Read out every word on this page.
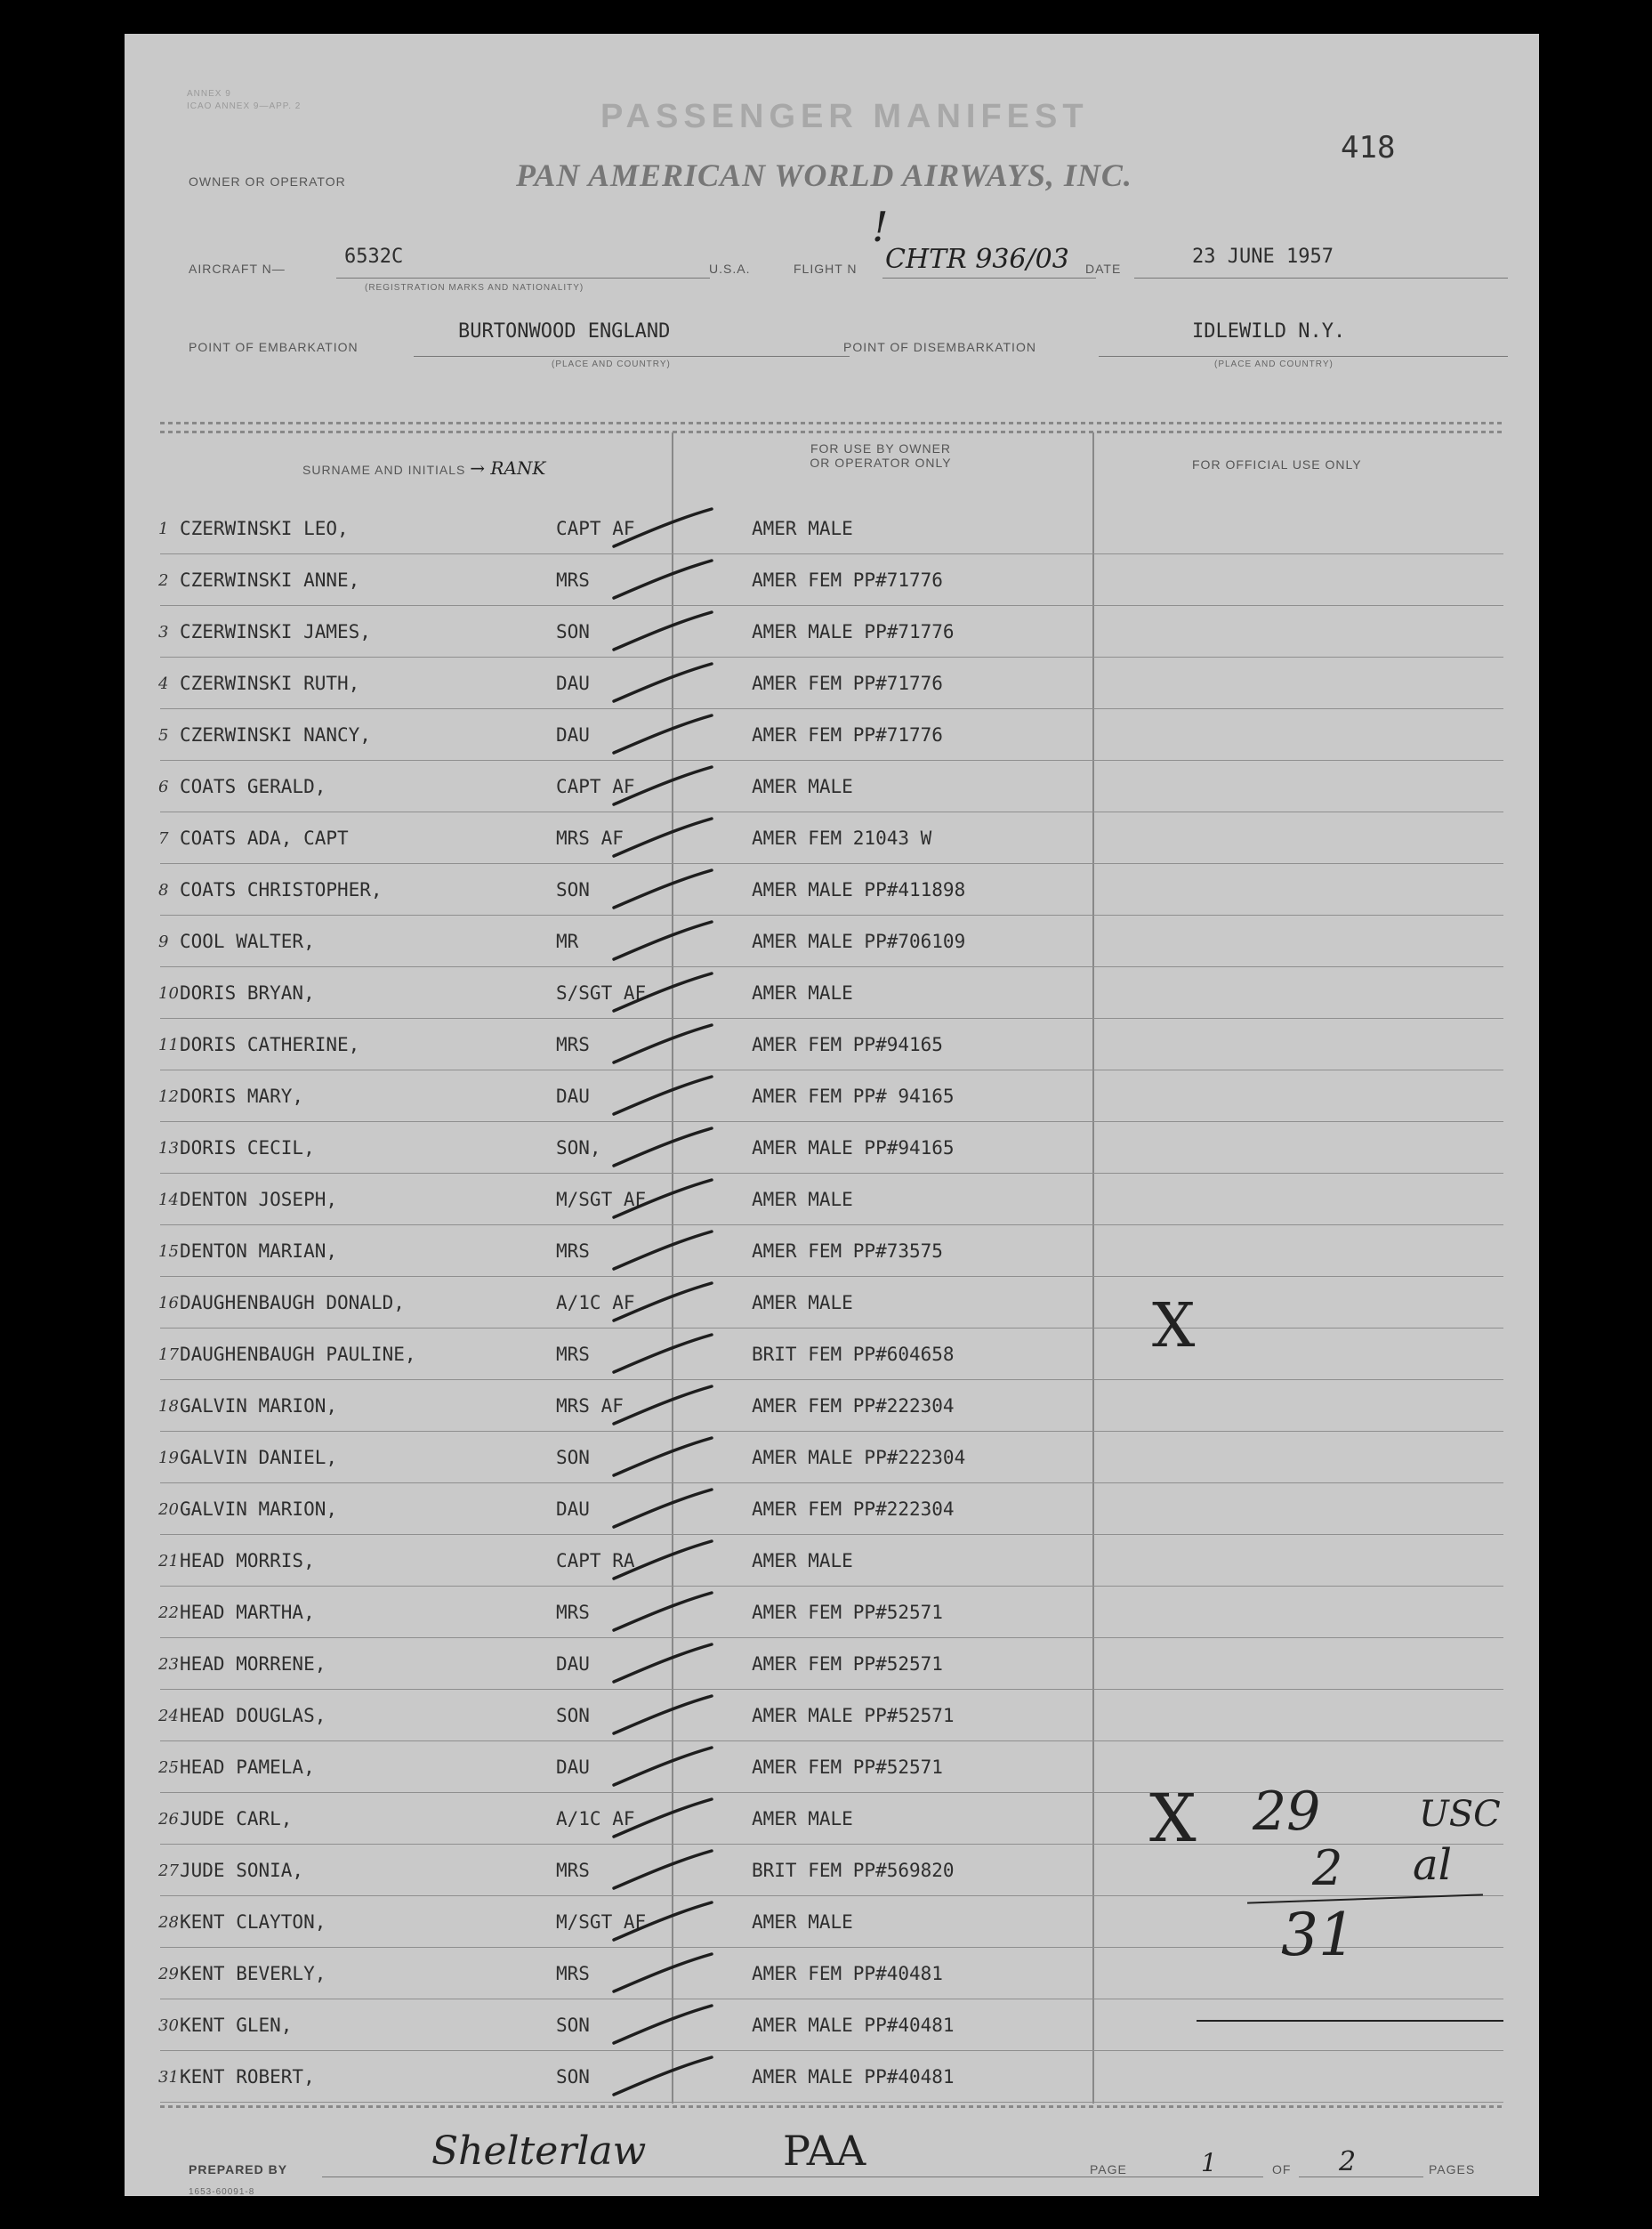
ANNEX 9
ICAO ANNEX 9—APP. 2	PASSENGER MANIFEST
418
OWNER OR OPERATOR	PAN AMERICAN WORLD AIRWAYS, INC.
!
AIRCRAFT N—
6532C
(REGISTRATION MARKS AND NATIONALITY)
U.S.A.	FLIGHT N CHTR 936/03 DATE
23 JUNE 1957
POINT OF EMBARKATION
BURTONWOOD ENGLAND
(PLACE AND COUNTRY)
POINT OF DISEMBARKATION
IDLEWILD N.Y.
(PLACE AND COUNTRY)
SURNAME AND INITIALS → RANK
FOR USE BY OWNER
OR OPERATOR ONLY	FOR OFFICIAL USE ONLY
1 CZERWINSKI LEO,	CAPT AF	AMER MALE
2 CZERWINSKI ANNE,	MRS	AMER FEM PP#71776
3 CZERWINSKI JAMES,	SON	AMER MALE PP#71776
4 CZERWINSKI RUTH,	DAU	AMER FEM PP#71776
5 CZERWINSKI NANCY,	DAU	AMER FEM PP#71776
6 COATS GERALD,	CAPT AF	AMER MALE
7 COATS ADA, CAPT	MRS AF	AMER FEM 21043 W
8 COATS CHRISTOPHER,	SON	AMER MALE PP#411898
9 COOL WALTER,	MR	AMER MALE PP#706109
10 DORIS BRYAN,	S/SGT AF	AMER MALE
11 DORIS CATHERINE,	MRS	AMER FEM PP#94165
12 DORIS MARY,	DAU	AMER FEM PP# 94165
13 DORIS CECIL,	SON,	AMER MALE PP#94165
14 DENTON JOSEPH,	M/SGT AF	AMER MALE
15 DENTON MARIAN,	MRS	AMER FEM PP#73575
16 DAUGHENBAUGH DONALD,	A/1C AF	AMER MALE
17 DAUGHENBAUGH PAULINE,	MRS	BRIT FEM PP#604658
18 GALVIN MARION,	MRS AF	AMER FEM PP#222304
19 GALVIN DANIEL,	SON	AMER MALE PP#222304
20 GALVIN MARION,	DAU	AMER FEM PP#222304
21 HEAD MORRIS,	CAPT RA	AMER MALE
22 HEAD MARTHA,	MRS	AMER FEM PP#52571
23 HEAD MORRENE,	DAU	AMER FEM PP#52571
24 HEAD DOUGLAS,	SON	AMER MALE PP#52571
25 HEAD PAMELA,	DAU	AMER FEM PP#52571
26 JUDE CARL,	A/1C AF	AMER MALE
27 JUDE SONIA,	MRS	BRIT FEM PP#569820
28 KENT CLAYTON,	M/SGT AF	AMER MALE
29 KENT BEVERLY,	MRS	AMER FEM PP#40481
30 KENT GLEN,	SON	AMER MALE PP#40481
31 KENT ROBERT,	SON	AMER MALE PP#40481
X
X 29	USC
2 al
31
PREPARED BY	Shelterlaw	PAA	PAGE	1	OF 2	PAGES
1653-60091-8
